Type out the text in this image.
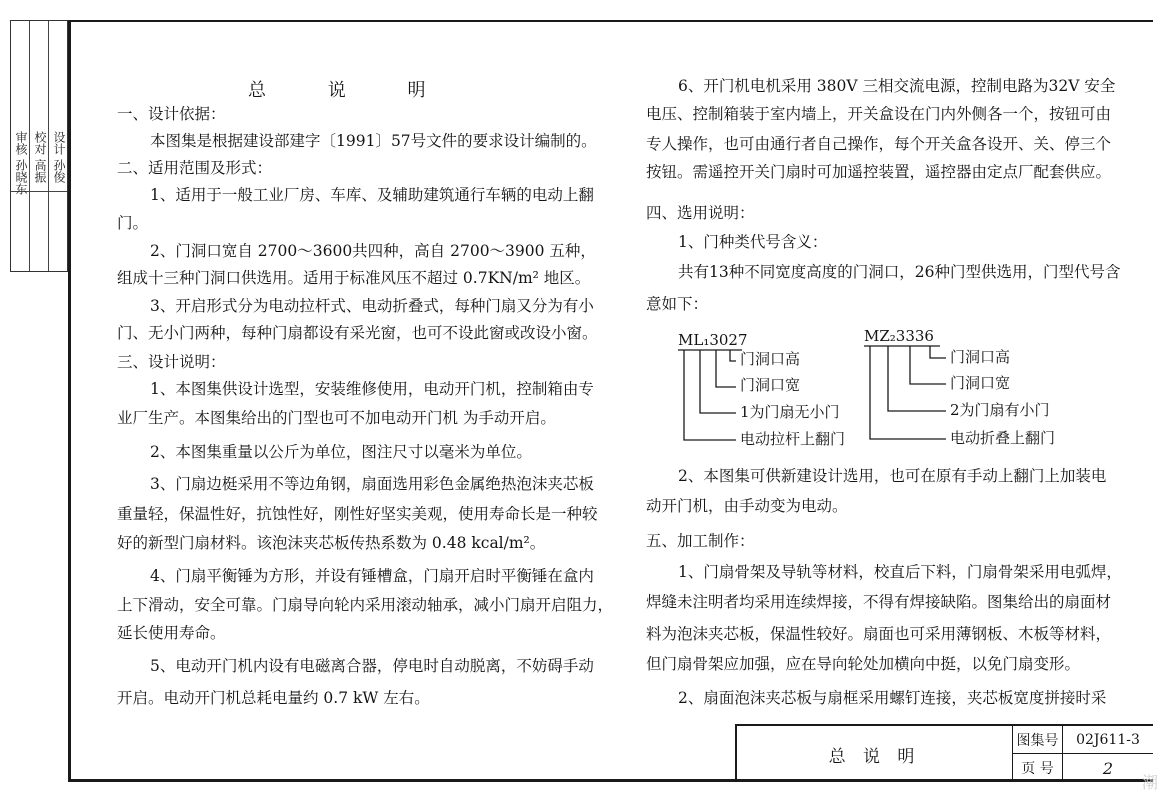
审核 孙晓东 校对 高振 设计 孙俊
总 说 明
一、设计依据：
本图集是根据建设部建字〔1991〕57号文件的要求设计编制的。
二、适用范围及形式：
1、适用于一般工业厂房、车库、及辅助建筑通行车辆的电动上翻
门。
2、门洞口宽自 2700～3600共四种，高自 2700～3900 五种，
组成十三种门洞口供选用。适用于标准风压不超过 0.7KN/m² 地区。
3、开启形式分为电动拉杆式、电动折叠式，每种门扇又分为有小
门、无小门两种，每种门扇都设有采光窗，也可不设此窗或改设小窗。
三、设计说明：
1、本图集供设计选型，安装维修使用，电动开门机，控制箱由专
业厂生产。本图集给出的门型也可不加电动开门机 为手动开启。
2、本图集重量以公斤为单位，图注尺寸以毫米为单位。
3、门扇边梃采用不等边角钢，扇面选用彩色金属绝热泡沫夹芯板
重量轻，保温性好，抗蚀性好，刚性好坚实美观，使用寿命长是一种较
好的新型门扇材料。该泡沫夹芯板传热系数为 0.48 kcal/m²。
4、门扇平衡锤为方形，并设有锤槽盒，门扇开启时平衡锤在盒内
上下滑动，安全可靠。门扇导向轮内采用滚动轴承，减小门扇开启阻力，
延长使用寿命。
5、电动开门机内设有电磁离合器，停电时自动脱离，不妨碍手动
开启。电动开门机总耗电量约 0.7 kW 左右。
6、开门机电机采用 380V 三相交流电源，控制电路为32V 安全
电压、控制箱装于室内墙上，开关盒设在门内外侧各一个，按钮可由
专人操作，也可由通行者自己操作，每个开关盒各设开、关、停三个
按钮。需遥控开关门扇时可加遥控装置，遥控器由定点厂配套供应。
四、选用说明：
1、门种类代号含义：
共有13种不同宽度高度的门洞口，26种门型供选用，门型代号含
意如下：
ML₁3027
门洞口高
门洞口宽
1为门扇无小门
电动拉杆上翻门
MZ₂3336
门洞口高
门洞口宽
2为门扇有小门
电动折叠上翻门
2、本图集可供新建设计选用，也可在原有手动上翻门上加装电
动开门机，由手动变为电动。
五、加工制作：
1、门扇骨架及导轨等材料，校直后下料，门扇骨架采用电弧焊，
焊缝未注明者均采用连续焊接，不得有焊接缺陷。图集给出的扇面材
料为泡沫夹芯板，保温性较好。扇面也可采用薄钢板、木板等材料，
但门扇骨架应加强，应在导向轮处加横向中挺，以免门扇变形。
2、扇面泡沫夹芯板与扇框采用螺钉连接，夹芯板宽度拼接时采
总 说 明
图集号	02J611-3
页 号	2
潮
